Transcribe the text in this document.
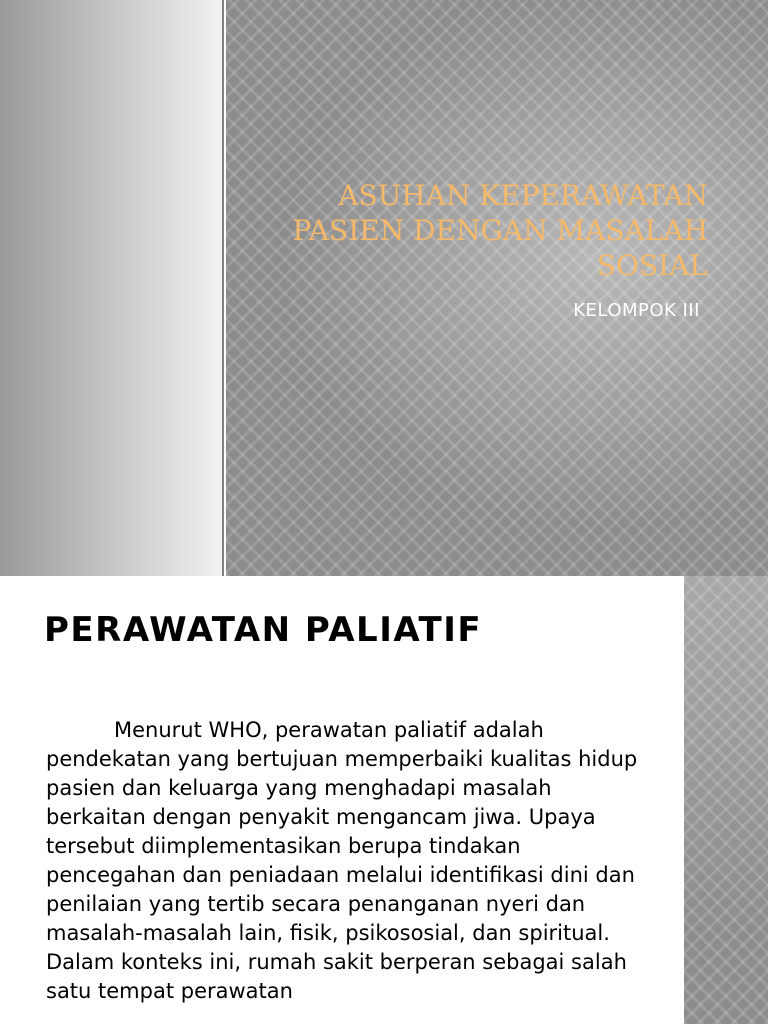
ASUHAN KEPERAWATAN
PASIEN DENGAN MASALAH
SOSIAL
KELOMPOK III
PERAWATAN PALIATIF

Menurut WHO, perawatan paliatif adalah pendekatan yang bertujuan memperbaiki kualitas hidup pasien dan keluarga yang menghadapi masalah berkaitan dengan penyakit mengancam jiwa. Upaya tersebut diimplementasikan berupa tindakan pencegahan dan peniadaan melalui identifikasi dini dan penilaian yang tertib secara penanganan nyeri dan masalah-masalah lain, fisik, psikososial, dan spiritual. Dalam konteks ini, rumah sakit berperan sebagai salah satu tempat perawatan
